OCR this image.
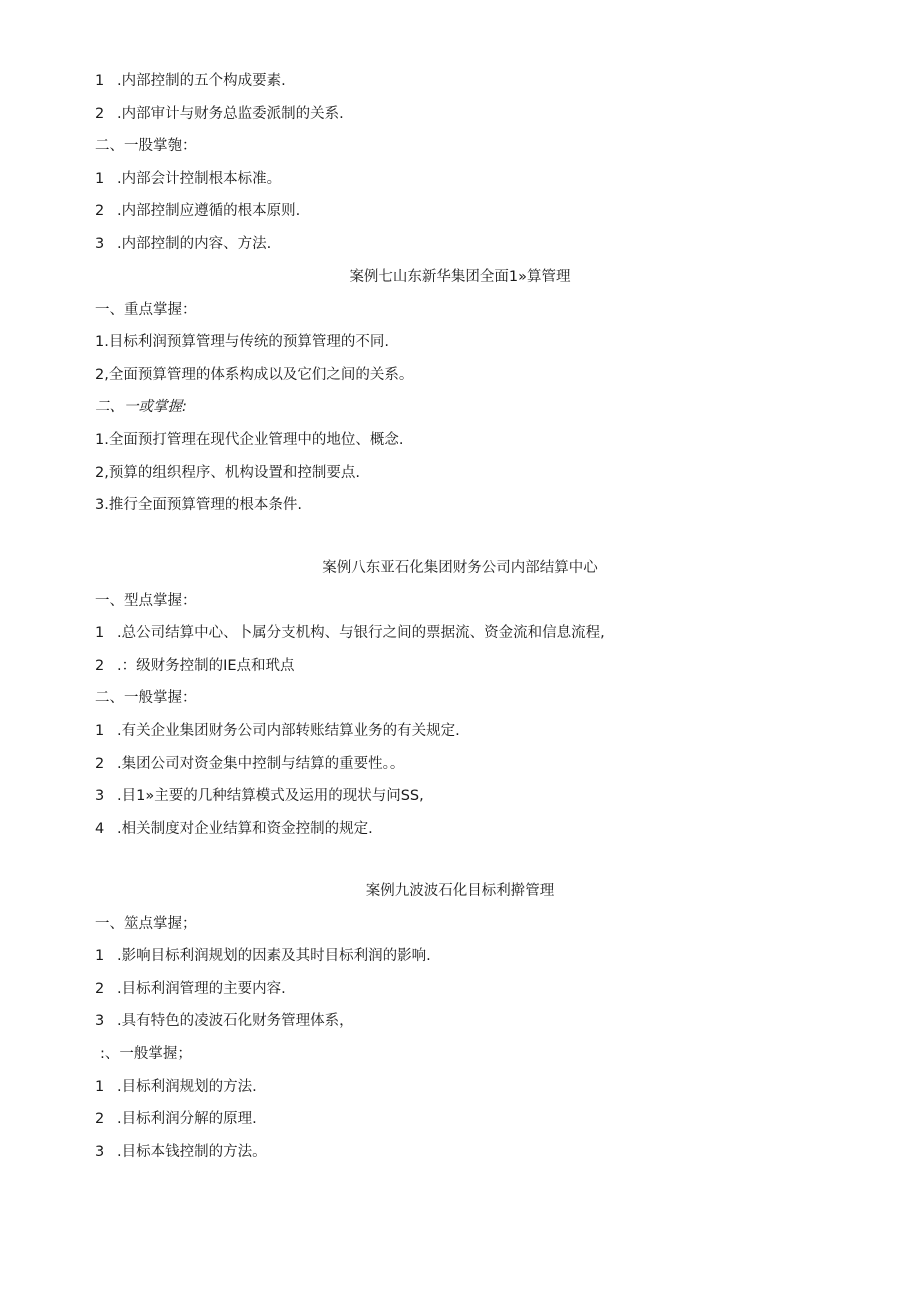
1 .内部控制的五个构成要素.
2 .内部审计与财务总监委派制的关系.
二、一股掌匏：
1 .内部会计控制根本标准。
2 .内部控制应遵循的根本原则.
3 .内部控制的内容、方法.
案例七山东新华集团全面1»算管理
一、重点掌握：
1.目标利润预算管理与传统的预算管理的不同.
2,全面预算管理的体系构成以及它们之间的关系。
二、一或掌握:
1.全面预打管理在现代企业管理中的地位、概念.
2,预算的组织程序、机构设置和控制要点.
3.推行全面预算管理的根本条件.
案例八东亚石化集团财务公司内部结算中心
一、型点掌握：
1 .总公司结算中心、卜属分支机构、与银行之间的票据流、资金流和信息流程,
2 .：级财务控制的IE点和玳点
二、一般掌握：
1 .有关企业集团财务公司内部转账结算业务的有关规定.
2 .集团公司对资金集中控制与结算的重要性。。
3 .目1»主要的几种结算模式及运用的现状与问SS,
4 .相关制度对企业结算和资金控制的规定.
案例九波波石化目标利擀管理
一、筮点掌握；
1 .影响目标利润规划的因素及其时目标利润的影响.
2 .目标利润管理的主要内容.
3 .具有特色的凌波石化财务管理体系，
:、一般掌握；
1 .目标利润规划的方法.
2 .目标利润分解的原理.
3 .目标本钱控制的方法。
